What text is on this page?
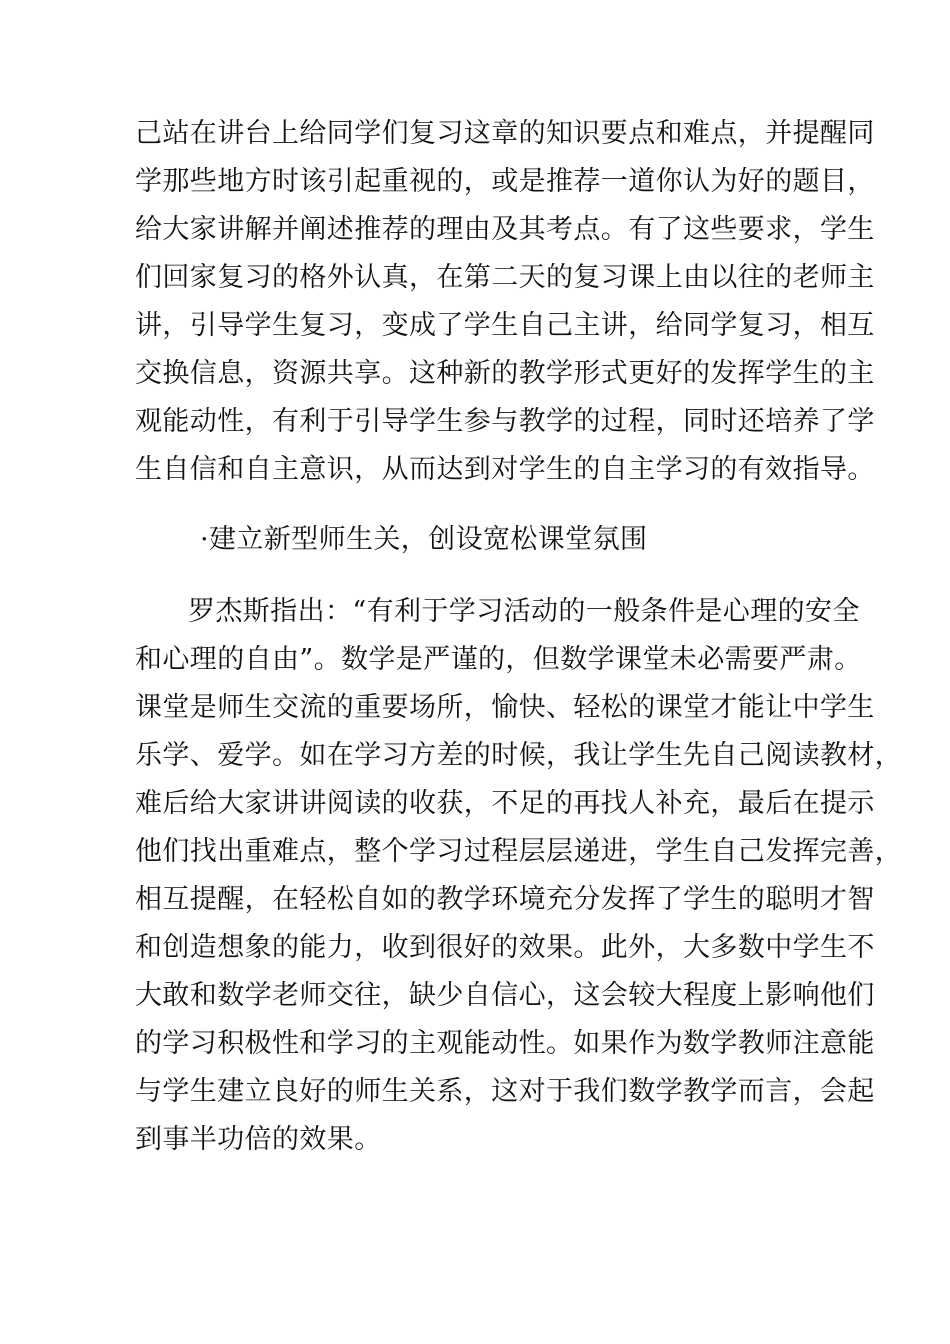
己站在讲台上给同学们复习这章的知识要点和难点，并提醒同
学那些地方时该引起重视的，或是推荐一道你认为好的题目，
给大家讲解并阐述推荐的理由及其考点。有了这些要求，学生
们回家复习的格外认真，在第二天的复习课上由以往的老师主
讲，引导学生复习，变成了学生自己主讲，给同学复习，相互
交换信息，资源共享。这种新的教学形式更好的发挥学生的主
观能动性，有利于引导学生参与教学的过程，同时还培养了学
生自信和自主意识，从而达到对学生的自主学习的有效指导。
·建立新型师生关，创设宽松课堂氛围
罗杰斯指出：“有利于学习活动的一般条件是心理的安全
和心理的自由”。数学是严谨的，但数学课堂未必需要严肃。
课堂是师生交流的重要场所，愉快、轻松的课堂才能让中学生
乐学、爱学。如在学习方差的时候，我让学生先自己阅读教材，
难后给大家讲讲阅读的收获，不足的再找人补充，最后在提示
他们找出重难点，整个学习过程层层递进，学生自己发挥完善，
相互提醒，在轻松自如的教学环境充分发挥了学生的聪明才智
和创造想象的能力，收到很好的效果。此外，大多数中学生不
大敢和数学老师交往，缺少自信心，这会较大程度上影响他们
的学习积极性和学习的主观能动性。如果作为数学教师注意能
与学生建立良好的师生关系，这对于我们数学教学而言，会起
到事半功倍的效果。
